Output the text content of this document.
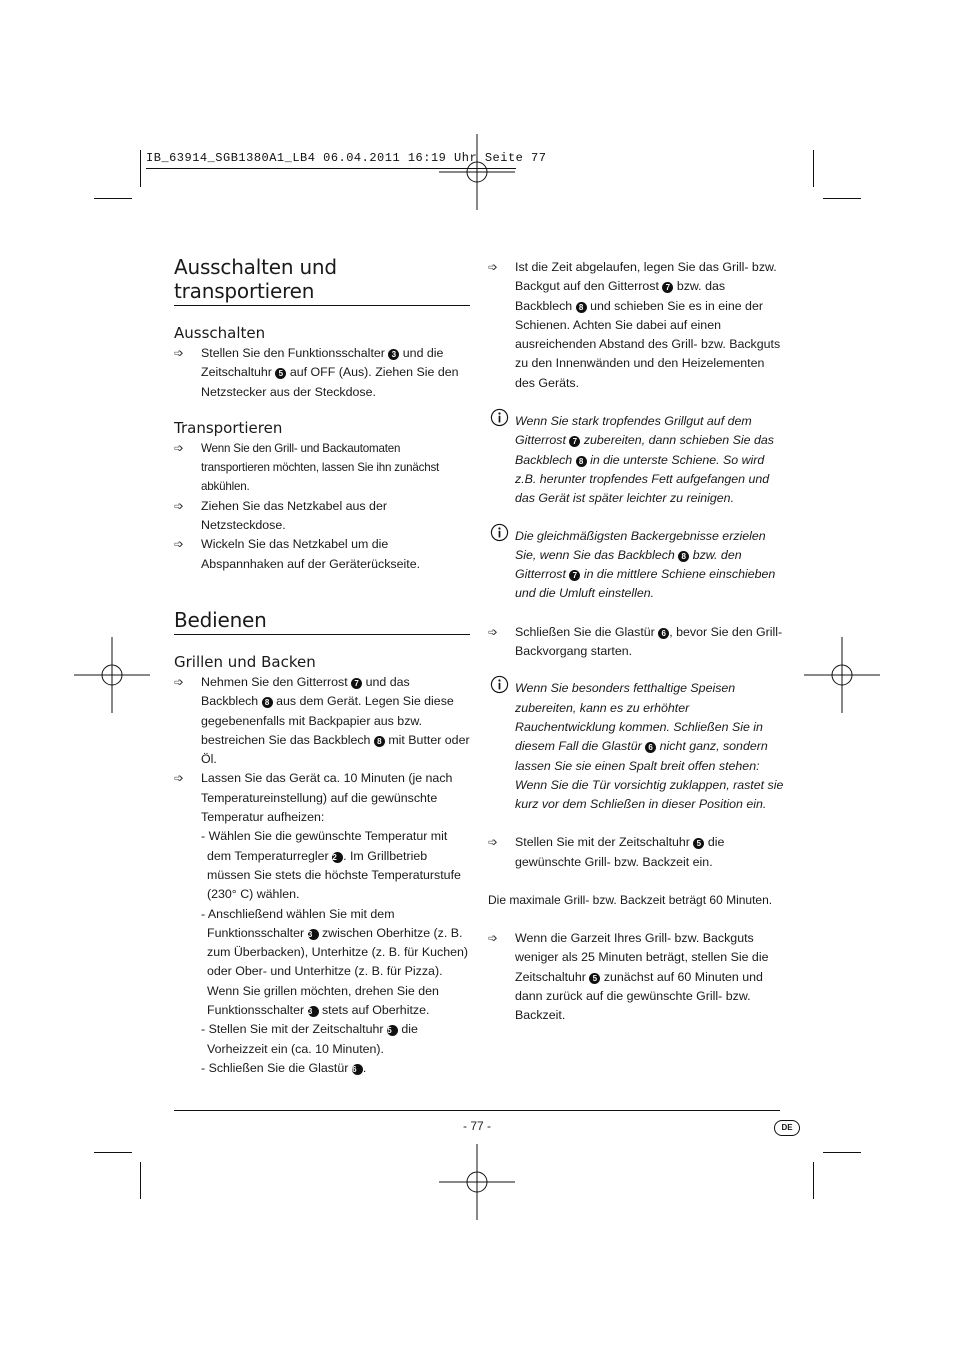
IB_63914_SGB1380A1_LB4 06.04.2011 16:19 Uhr Seite 77
Ausschalten und transportieren
Ausschalten
➩ Stellen Sie den Funktionsschalter 3 und die Zeitschaltuhr 5 auf OFF (Aus). Ziehen Sie den Netzstecker aus der Steckdose.
Transportieren
➩ Wenn Sie den Grill- und Backautomaten transportieren möchten, lassen Sie ihn zunächst abkühlen.
➩ Ziehen Sie das Netzkabel aus der Netzsteckdose.
➩ Wickeln Sie das Netzkabel um die Abspannhaken auf der Geräterückseite.
Bedienen
Grillen und Backen
➩ Nehmen Sie den Gitterrost 7 und das Backblech 8 aus dem Gerät. Legen Sie diese gegebenenfalls mit Backpapier aus bzw. bestreichen Sie das Backblech 8 mit Butter oder Öl.
➩ Lassen Sie das Gerät ca. 10 Minuten (je nach Temperatureinstellung) auf die gewünschte Temperatur aufheizen:
- Wählen Sie die gewünschte Temperatur mit dem Temperaturregler 2 . Im Grillbetrieb müssen Sie stets die höchste Temperaturstufe (230° C) wählen.
- Anschließend wählen Sie mit dem Funktionsschalter 3 zwischen Oberhitze (z. B. zum Überbacken), Unterhitze (z. B. für Kuchen) oder Ober- und Unterhitze (z. B. für Pizza). Wenn Sie grillen möchten, drehen Sie den Funktionsschalter 3 stets auf Oberhitze.
- Stellen Sie mit der Zeitschaltuhr 5 die Vorheizzeit ein (ca. 10 Minuten).
- Schließen Sie die Glastür 6 .
➩ Ist die Zeit abgelaufen, legen Sie das Grill- bzw. Backgut auf den Gitterrost 7 bzw. das Backblech 8 und schieben Sie es in eine der Schienen. Achten Sie dabei auf einen ausreichenden Abstand des Grill- bzw. Backguts zu den Innenwänden und den Heizelementen des Geräts.
Wenn Sie stark tropfendes Grillgut auf dem Gitterrost 7 zubereiten, dann schieben Sie das Backblech 8 in die unterste Schiene. So wird z.B. herunter tropfendes Fett aufgefangen und das Gerät ist später leichter zu reinigen.
Die gleichmäßigsten Backergebnisse erzielen Sie, wenn Sie das Backblech 8 bzw. den Gitterrost 7 in die mittlere Schiene einschieben und die Umluft einstellen.
➩ Schließen Sie die Glastür 6 , bevor Sie den Grill- Backvorgang starten.
Wenn Sie besonders fetthaltige Speisen zubereiten, kann es zu erhöhter Rauchentwicklung kommen. Schließen Sie in diesem Fall die Glastür 6 nicht ganz, sondern lassen Sie sie einen Spalt breit offen stehen: Wenn Sie die Tür vorsichtig zuklappen, rastet sie kurz vor dem Schließen in dieser Position ein.
➩ Stellen Sie mit der Zeitschaltuhr 5 die gewünschte Grill- bzw. Backzeit ein.
Die maximale Grill- bzw. Backzeit beträgt 60 Minuten.
➩ Wenn die Garzeit Ihres Grill- bzw. Backguts weniger als 25 Minuten beträgt, stellen Sie die Zeitschaltuhr 5 zunächst auf 60 Minuten und dann zurück auf die gewünschte Grill- bzw. Backzeit.
- 77 -	DE
